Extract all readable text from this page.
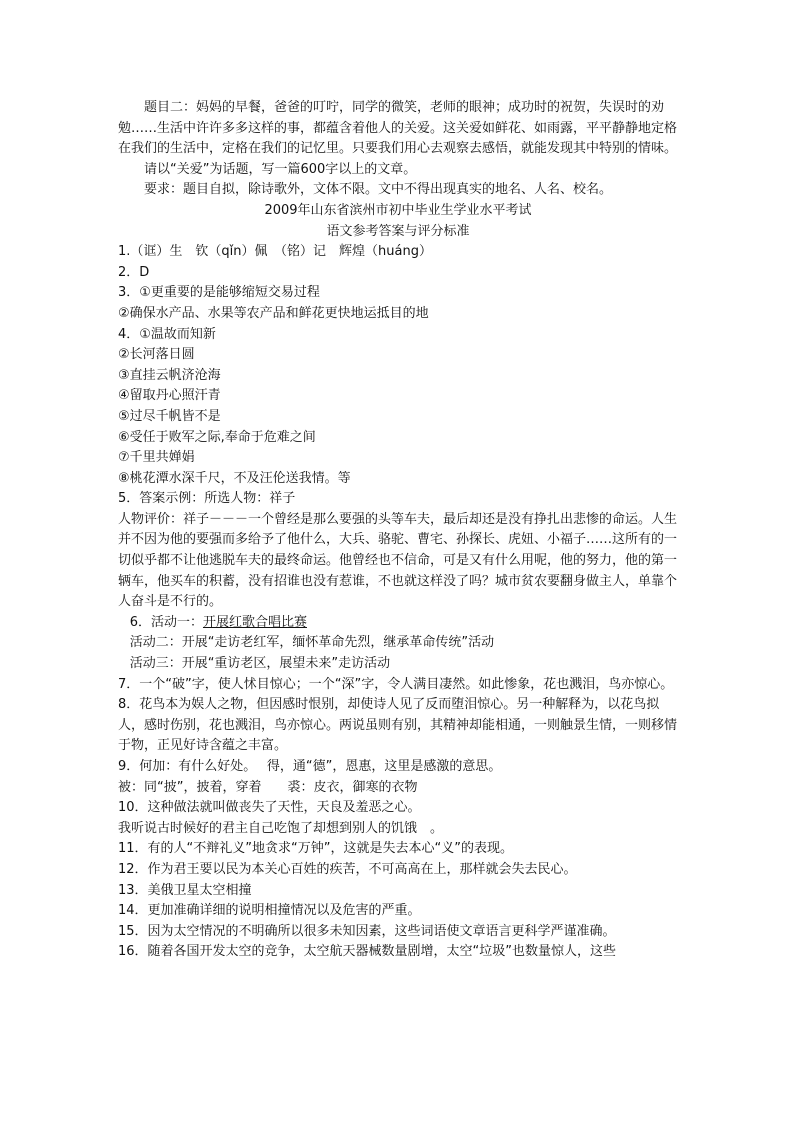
题目二：妈妈的早餐，爸爸的叮咛，同学的微笑，老师的眼神；成功时的祝贺，失误时的劝勉……生活中许许多多这样的事，都蕴含着他人的关爱。这关爱如鲜花、如雨露，平平静静地定格在我们的生活中，定格在我们的记忆里。只要我们用心去观察去感悟，就能发现其中特别的情味。

请以“关爱”为话题，写一篇600字以上的文章。

要求：题目自拟，除诗歌外，文体不限。文中不得出现真实的地名、人名、校名。

2009年山东省滨州市初中毕业生学业水平考试

语文参考答案与评分标准

1.（诓）生　钦（qǐn）佩　（铭）记　辉煌（huáng）

2．D

3．①更重要的是能够缩短交易过程

②确保水产品、水果等农产品和鲜花更快地运抵目的地

4．①温故而知新

②长河落日圆

③直挂云帆济沧海

④留取丹心照汗青

⑤过尽千帆皆不是

⑥受任于败军之际,奉命于危难之间

⑦千里共婵娟

⑧桃花潭水深千尺，不及汪伦送我情。等

5．答案示例：所选人物：祥子

人物评价：祥子－－－一个曾经是那么要强的头等车夫，最后却还是没有挣扎出悲惨的命运。人生并不因为他的要强而多给予了他什么，大兵、骆驼、曹宅、孙探长、虎妞、小福子……这所有的一切似乎都不让他逃脱车夫的最终命运。他曾经也不信命，可是又有什么用呢，他的努力，他的第一辆车，他买车的积蓄，没有招谁也没有惹谁，不也就这样没了吗？城市贫农要翻身做主人，单靠个人奋斗是不行的。

6．活动一：开展红歌合唱比赛

活动二：开展“走访老红军，缅怀革命先烈，继承革命传统”活动

活动三：开展“重访老区，展望未来”走访活动

7．一个“破”字，使人怵目惊心；一个“深”字，令人满目凄然。如此惨象，花也溅泪，鸟亦惊心。

8．花鸟本为娱人之物，但因感时恨别，却使诗人见了反而堕泪惊心。另一种解释为，以花鸟拟人，感时伤别，花也溅泪，鸟亦惊心。两说虽则有别，其精神却能相通，一则触景生情，一则移情于物，正见好诗含蕴之丰富。

9．何加：有什么好处。　 得，通“德”，恩惠，这里是感激的意思。

被：同“披”，披着，穿着　　裘：皮衣，御寒的衣物

10．这种做法就叫做丧失了天性，天良及羞恶之心。

我听说古时候好的君主自己吃饱了却想到别人的饥饿　。

11．有的人“不辩礼义”地贪求“万钟”，这就是失去本心“义”的表现。

12．作为君王要以民为本关心百姓的疾苦，不可高高在上，那样就会失去民心。

13．美俄卫星太空相撞

14．更加准确详细的说明相撞情况以及危害的严重。

15．因为太空情况的不明确所以很多未知因素，这些词语使文章语言更科学严谨准确。

16．随着各国开发太空的竞争，太空航天器械数量剧增，太空“垃圾”也数量惊人，这些
